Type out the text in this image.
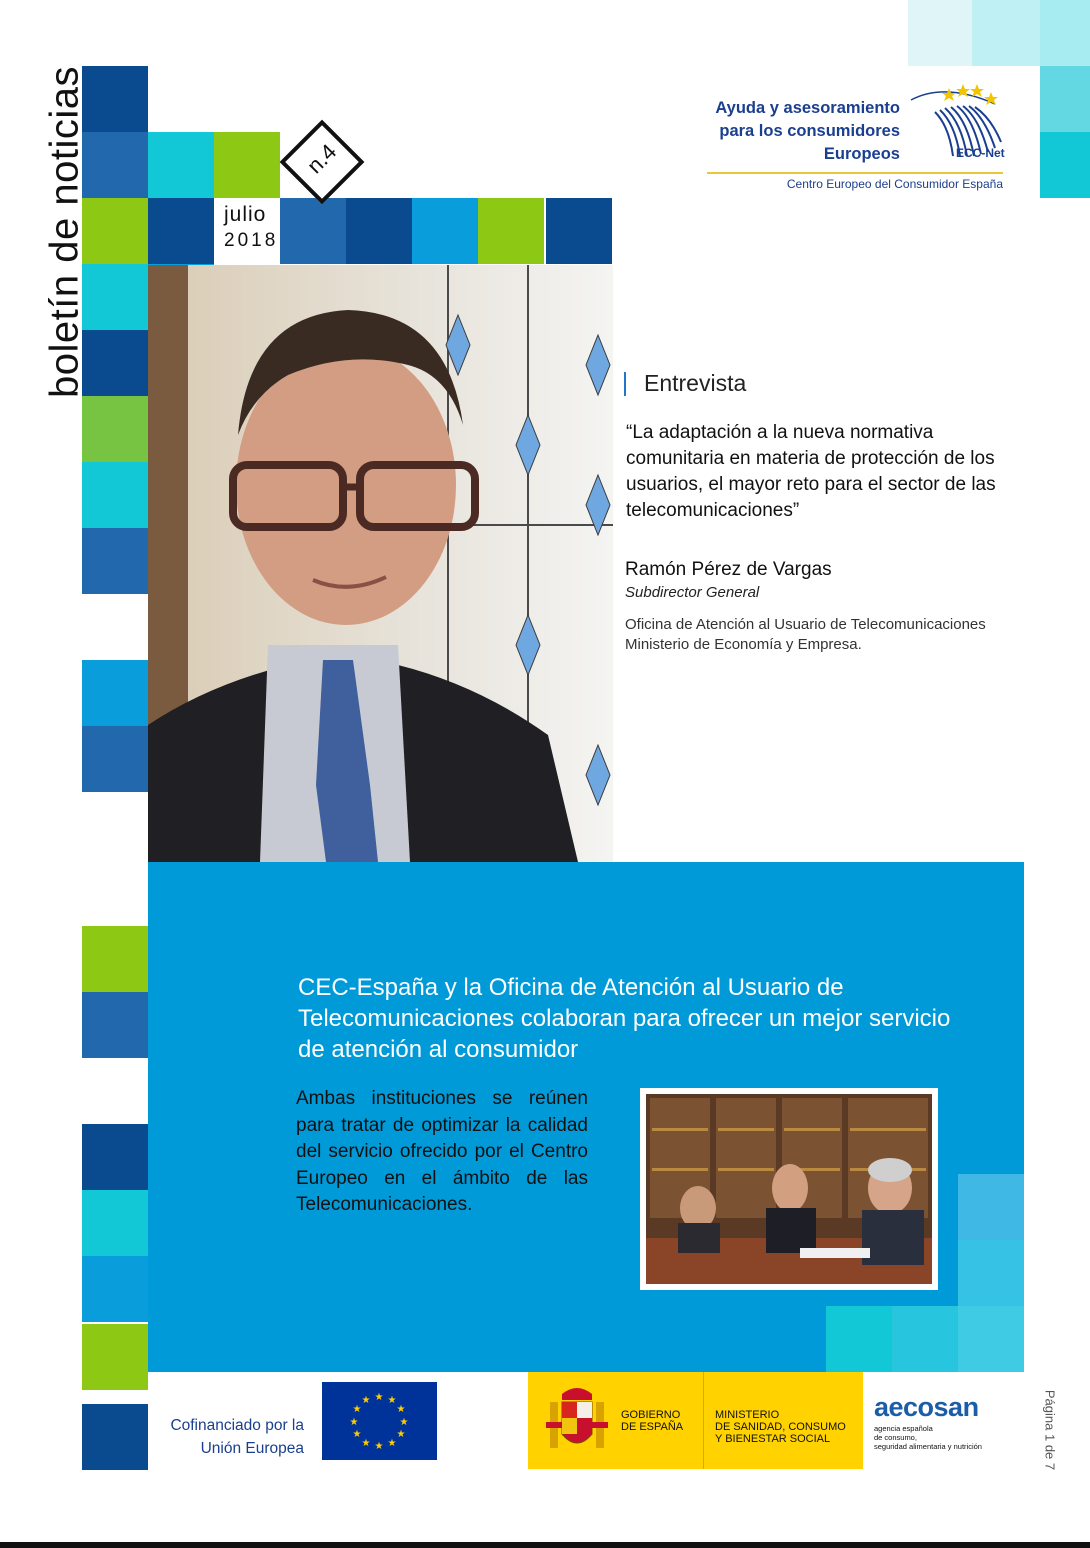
boletín de noticias	n.4
julio
2018
Ayuda y asesoramiento
para los consumidores
Europeos	ECC-Net
Centro Europeo del Consumidor España
Entrevista
“La adaptación a la nueva normativa comunitaria en materia de protección de los usuarios, el mayor reto para el sector de las telecomunicaciones”
Ramón Pérez de Vargas
Subdirector General
Oficina de Atención al Usuario de Telecomunicaciones
Ministerio de Economía y Empresa.
CEC-España y la Oficina de Atención al Usuario de Telecomunicaciones colaboran para ofrecer un mejor servicio de atención al consumidor
Ambas instituciones se reúnen para tratar de optimizar la calidad del servicio ofrecido por el Centro Europeo en el ámbito de las Telecomunicaciones.
Cofinanciado por la
Unión Europea
★ ★
★
★
★
★
★
★
★
★
★
★
GOBIERNO
DE ESPAÑA
MINISTERIO
DE SANIDAD, CONSUMO
Y BIENESTAR SOCIAL
aecosan
agencia española
de consumo,
seguridad alimentaria y nutrición	Página 1 de 7
